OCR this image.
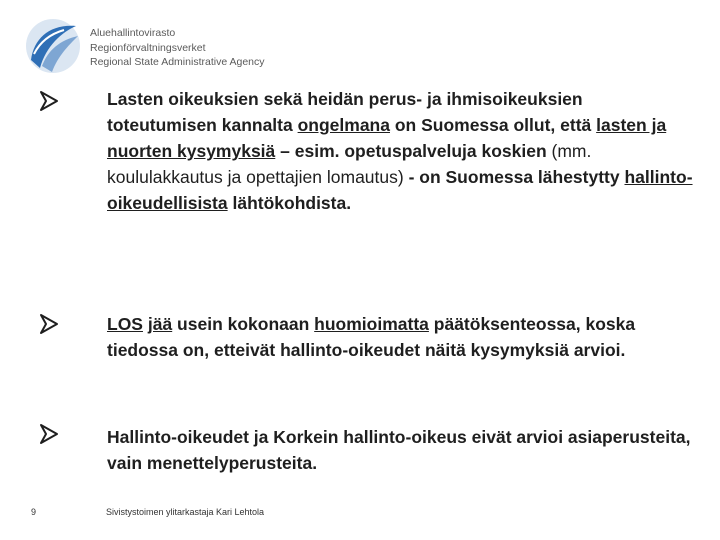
Aluehallintovirasto
Regionförvaltningsverket
Regional State Administrative Agency
Lasten oikeuksien sekä heidän perus- ja ihmisoikeuksien toteutumisen kannalta ongelmana on Suomessa ollut, että lasten ja nuorten kysymyksiä – esim. opetuspalveluja koskien (mm. koululakkautus ja opettajien lomautus) - on Suomessa lähestytty hallinto-oikeudellisista lähtökohdista.
LOS jää usein kokonaan huomioimatta päätöksenteossa, koska tiedossa on, etteivät hallinto-oikeudet näitä kysymyksiä arvioi.
Hallinto-oikeudet ja Korkein hallinto-oikeus eivät arvioi asiaperusteita, vain menettelyperusteita.
9	Sivistystoimen ylitarkastaja Kari Lehtola
